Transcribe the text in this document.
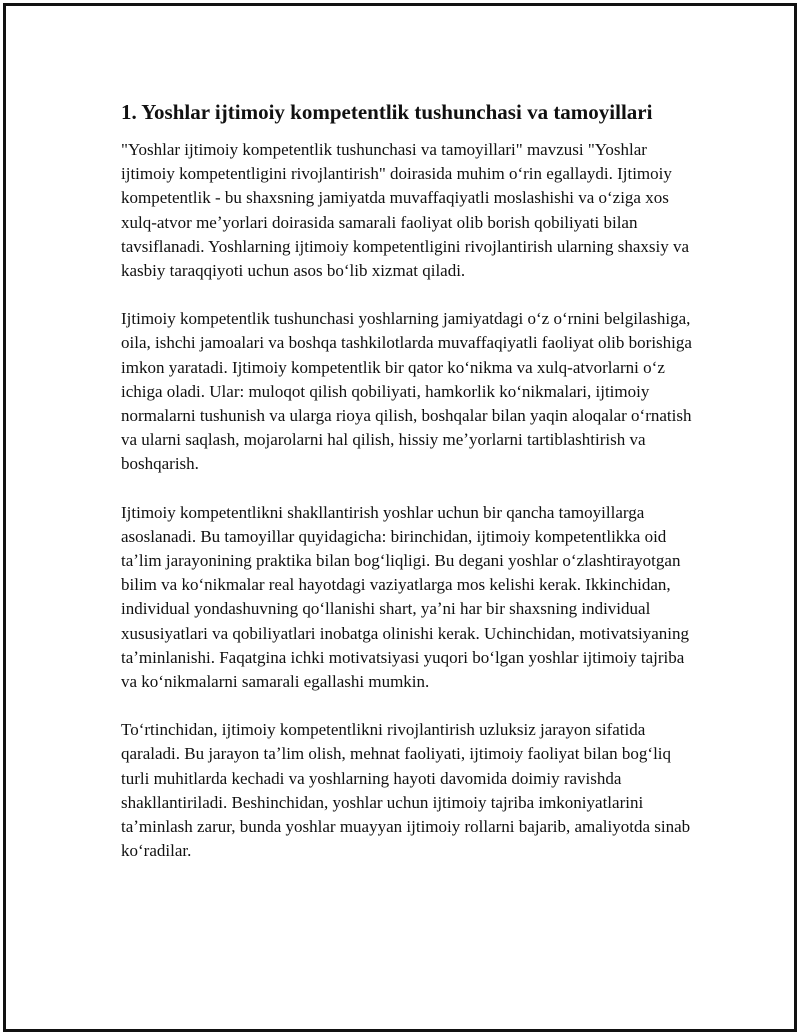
1. Yoshlar ijtimoiy kompetentlik tushunchasi va tamoyillari

"Yoshlar ijtimoiy kompetentlik tushunchasi va tamoyillari" mavzusi "Yoshlar ijtimoiy kompetentligini rivojlantirish" doirasida muhim oʻrin egallaydi. Ijtimoiy kompetentlik - bu shaxsning jamiyatda muvaffaqiyatli moslashishi va oʻziga xos xulq-atvor meʼyorlari doirasida samarali faoliyat olib borish qobiliyati bilan tavsiflanadi. Yoshlarning ijtimoiy kompetentligini rivojlantirish ularning shaxsiy va kasbiy taraqqiyoti uchun asos boʻlib xizmat qiladi.

Ijtimoiy kompetentlik tushunchasi yoshlarning jamiyatdagi oʻz oʻrnini belgilashiga, oila, ishchi jamoalari va boshqa tashkilotlarda muvaffaqiyatli faoliyat olib borishiga imkon yaratadi. Ijtimoiy kompetentlik bir qator koʻnikma va xulq-atvorlarni oʻz ichiga oladi. Ular: muloqot qilish qobiliyati, hamkorlik koʻnikmalari, ijtimoiy normalarni tushunish va ularga rioya qilish, boshqalar bilan yaqin aloqalar oʻrnatish va ularni saqlash, mojarolarni hal qilish, hissiy meʼyorlarni tartiblashtirish va boshqarish.

Ijtimoiy kompetentlikni shakllantirish yoshlar uchun bir qancha tamoyillarga asoslanadi. Bu tamoyillar quyidagicha: birinchidan, ijtimoiy kompetentlikka oid taʼlim jarayonining praktika bilan bogʻliqligi. Bu degani yoshlar oʻzlashtirayotgan bilim va koʻnikmalar real hayotdagi vaziyatlarga mos kelishi kerak. Ikkinchidan, individual yondashuvning qoʻllanishi shart, yaʼni har bir shaxsning individual xususiyatlari va qobiliyatlari inobatga olinishi kerak. Uchinchidan, motivatsiyaning taʼminlanishi. Faqatgina ichki motivatsiyasi yuqori boʻlgan yoshlar ijtimoiy tajriba va koʻnikmalarni samarali egallashi mumkin.

Toʻrtinchidan, ijtimoiy kompetentlikni rivojlantirish uzluksiz jarayon sifatida qaraladi. Bu jarayon taʼlim olish, mehnat faoliyati, ijtimoiy faoliyat bilan bogʻliq turli muhitlarda kechadi va yoshlarning hayoti davomida doimiy ravishda shakllantiriladi. Beshinchidan, yoshlar uchun ijtimoiy tajriba imkoniyatlarini taʼminlash zarur, bunda yoshlar muayyan ijtimoiy rollarni bajarib, amaliyotda sinab koʻradilar.
